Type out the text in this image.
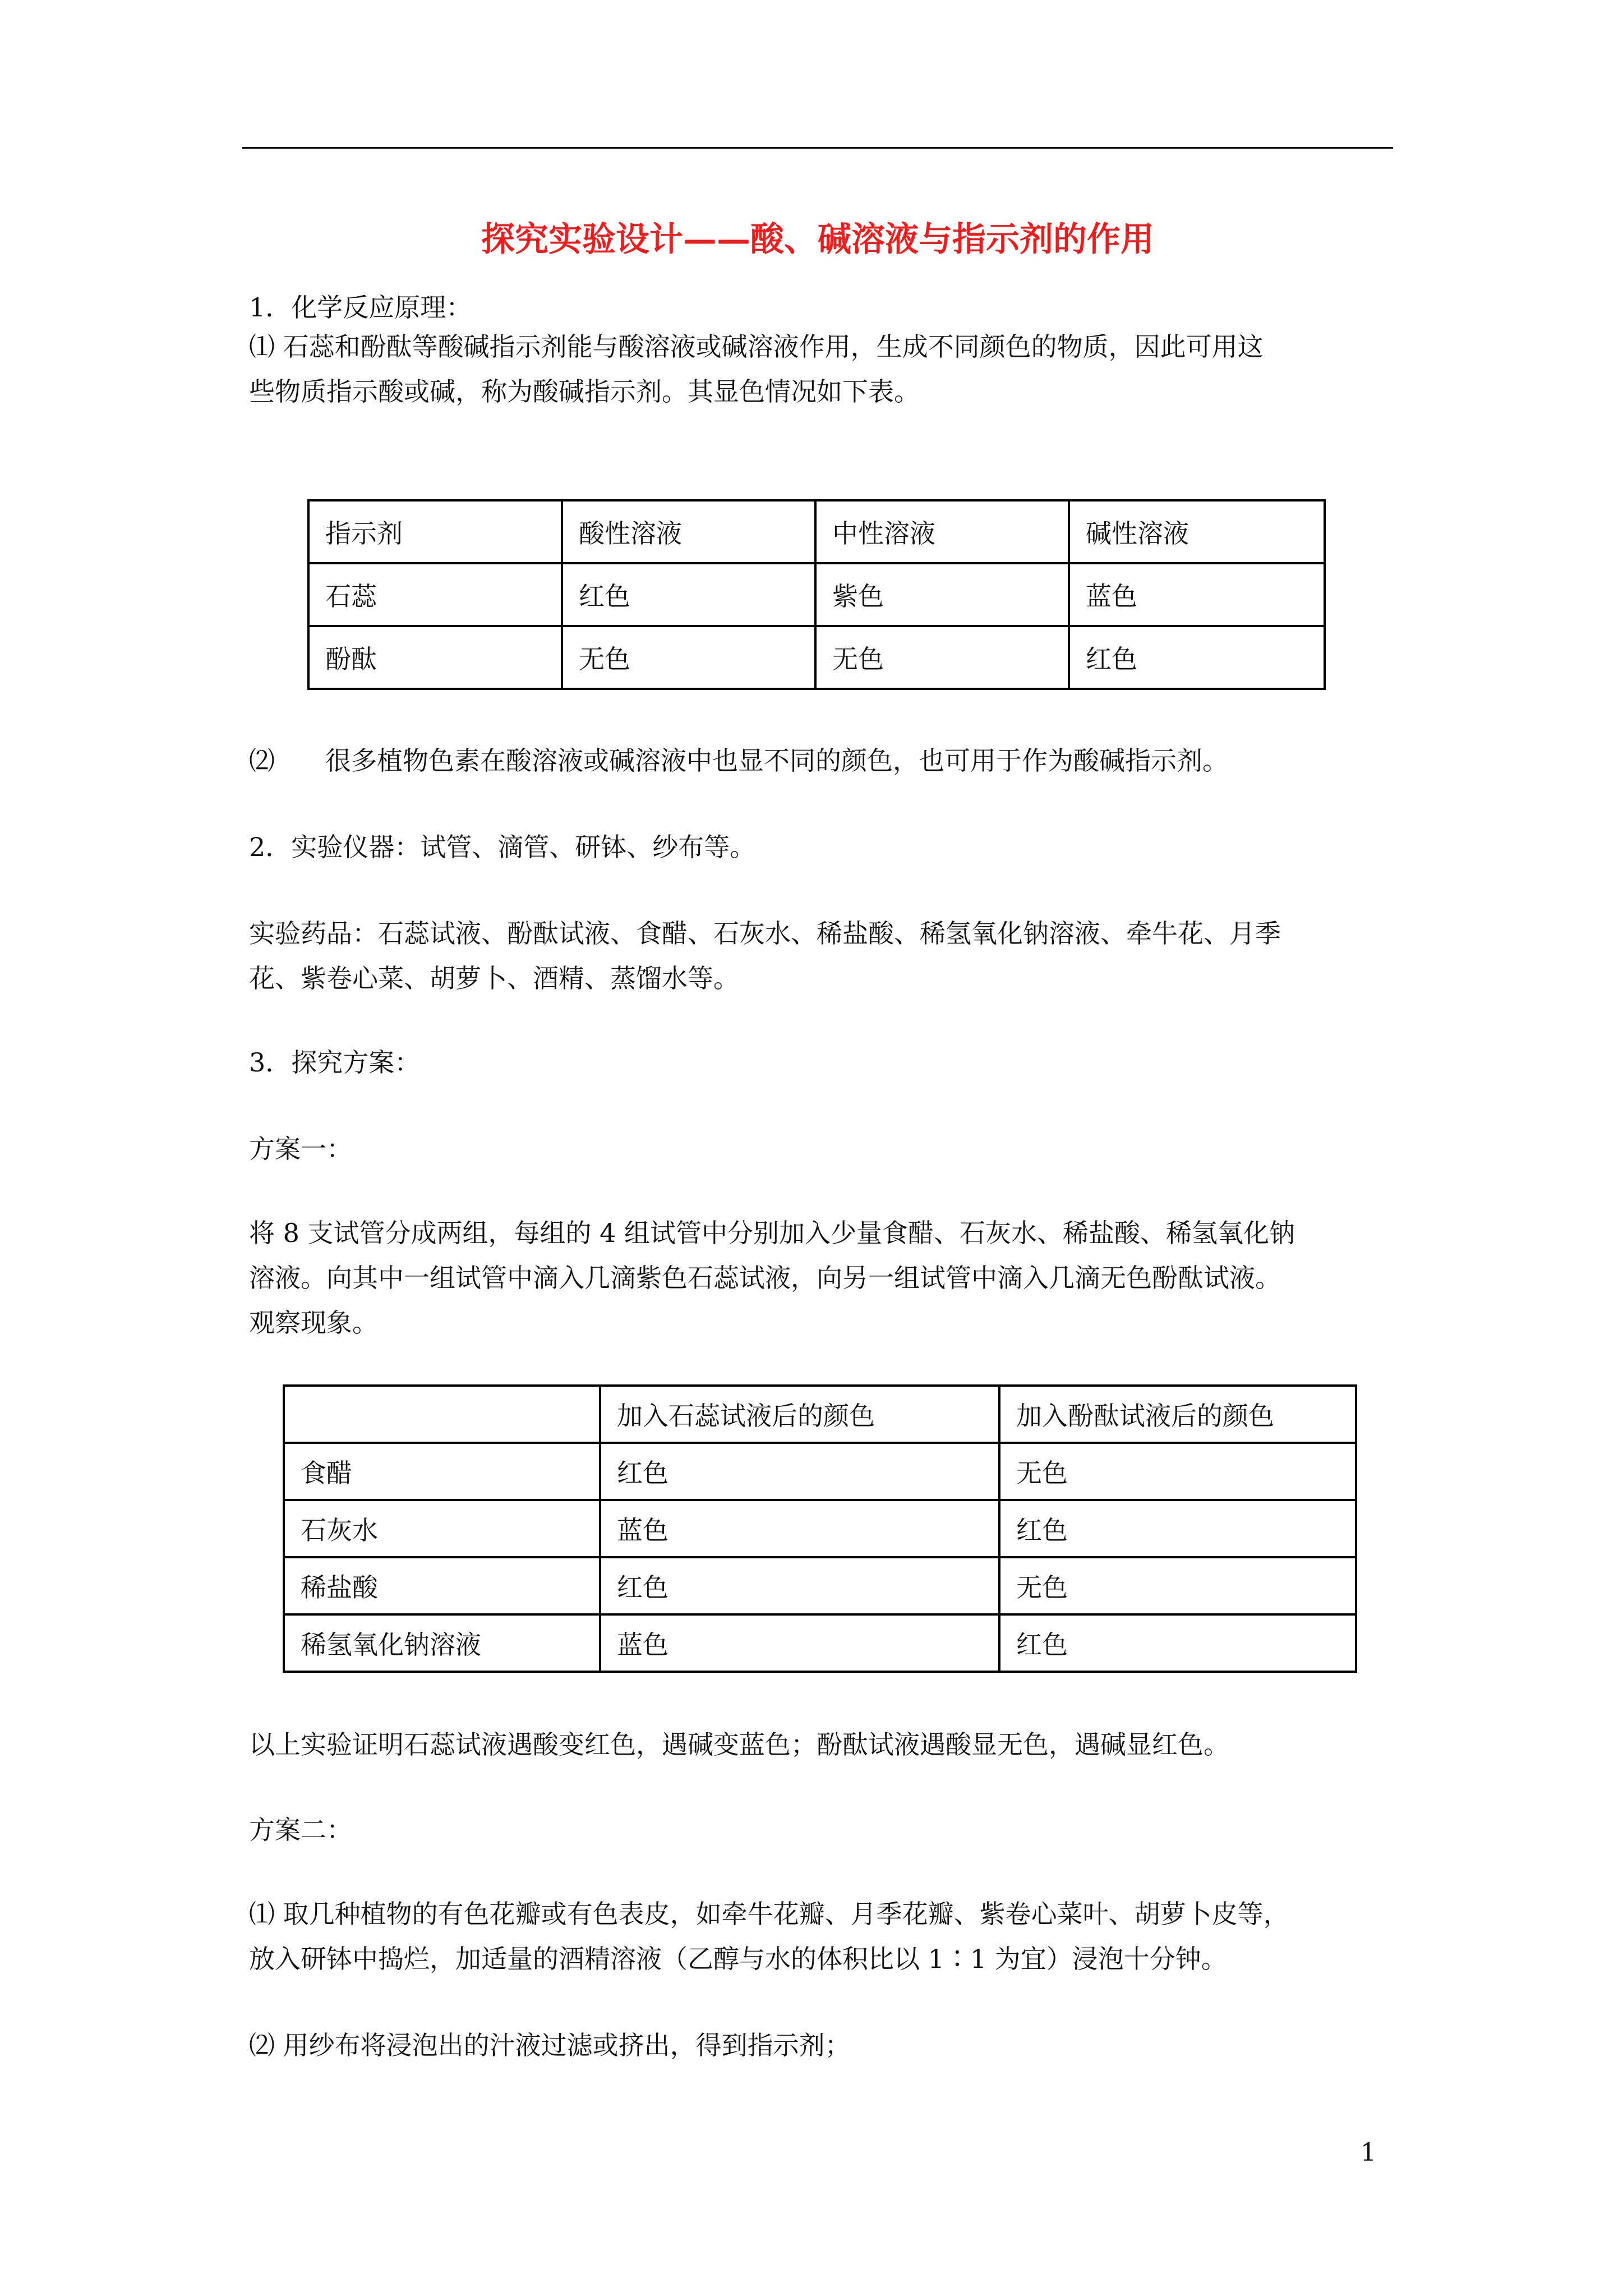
探究实验设计——酸、碱溶液与指示剂的作用
1．化学反应原理：
⑴ 石蕊和酚酞等酸碱指示剂能与酸溶液或碱溶液作用，生成不同颜色的物质，因此可用这
些物质指示酸或碱，称为酸碱指示剂。其显色情况如下表。
指示剂	酸性溶液	中性溶液	碱性溶液
石蕊	红色	紫色	蓝色
酚酞	无色	无色	红色
⑵ 很多植物色素在酸溶液或碱溶液中也显不同的颜色，也可用于作为酸碱指示剂。
2．实验仪器：试管、滴管、研钵、纱布等。
实验药品：石蕊试液、酚酞试液、食醋、石灰水、稀盐酸、稀氢氧化钠溶液、牵牛花、月季
花、紫卷心菜、胡萝卜、酒精、蒸馏水等。
3．探究方案：
方案一：
将 8 支试管分成两组，每组的 4 组试管中分别加入少量食醋、石灰水、稀盐酸、稀氢氧化钠
溶液。向其中一组试管中滴入几滴紫色石蕊试液，向另一组试管中滴入几滴无色酚酞试液。
观察现象。
	加入石蕊试液后的颜色	加入酚酞试液后的颜色
食醋	红色	无色
石灰水	蓝色	红色
稀盐酸	红色	无色
稀氢氧化钠溶液	蓝色	红色
以上实验证明石蕊试液遇酸变红色，遇碱变蓝色；酚酞试液遇酸显无色，遇碱显红色。
方案二：
⑴ 取几种植物的有色花瓣或有色表皮，如牵牛花瓣、月季花瓣、紫卷心菜叶、胡萝卜皮等，
放入研钵中捣烂，加适量的酒精溶液（乙醇与水的体积比以 1∶1 为宜）浸泡十分钟。
⑵ 用纱布将浸泡出的汁液过滤或挤出，得到指示剂；
1
